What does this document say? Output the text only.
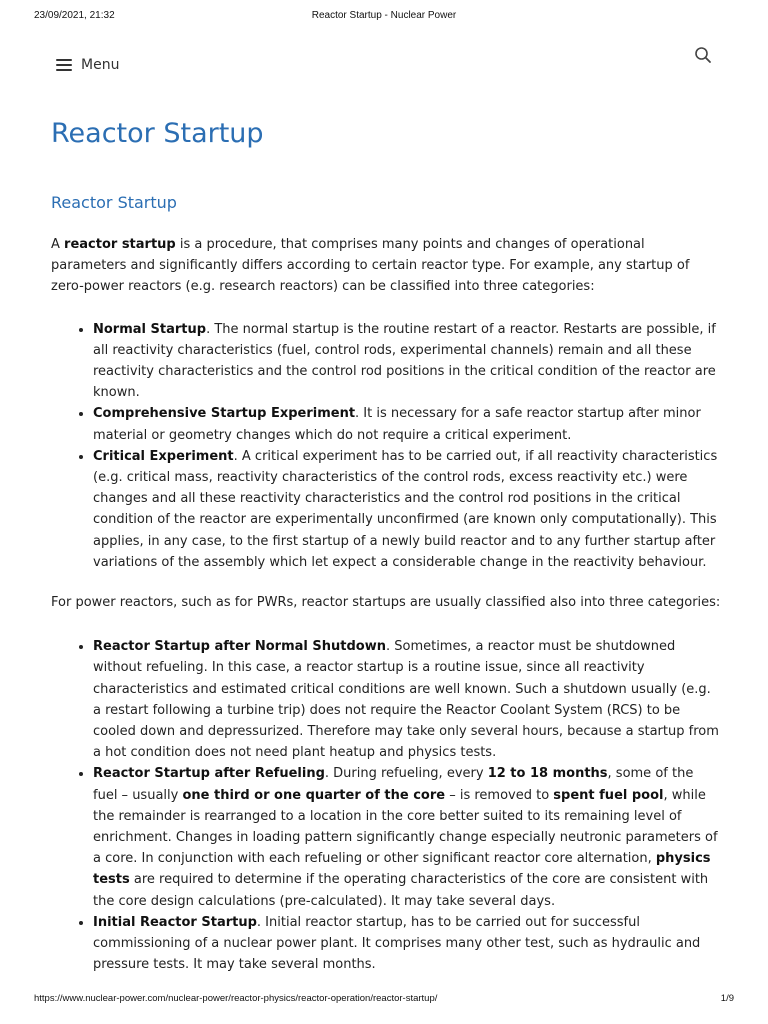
23/09/2021, 21:32	Reactor Startup - Nuclear Power
Menu
Reactor Startup
Reactor Startup

A reactor startup is a procedure, that comprises many points and changes of operational parameters and significantly differs according to certain reactor type. For example, any startup of zero-power reactors (e.g. research reactors) can be classified into three categories:

• Normal Startup. The normal startup is the routine restart of a reactor. Restarts are possible, if all reactivity characteristics (fuel, control rods, experimental channels) remain and all these reactivity characteristics and the control rod positions in the critical condition of the reactor are known.
• Comprehensive Startup Experiment. It is necessary for a safe reactor startup after minor material or geometry changes which do not require a critical experiment.
• Critical Experiment. A critical experiment has to be carried out, if all reactivity characteristics (e.g. critical mass, reactivity characteristics of the control rods, excess reactivity etc.) were changes and all these reactivity characteristics and the control rod positions in the critical condition of the reactor are experimentally unconfirmed (are known only computationally). This applies, in any case, to the first startup of a newly build reactor and to any further startup after variations of the assembly which let expect a considerable change in the reactivity behaviour.

For power reactors, such as for PWRs, reactor startups are usually classified also into three categories:

• Reactor Startup after Normal Shutdown. Sometimes, a reactor must be shutdowned without refueling. In this case, a reactor startup is a routine issue, since all reactivity characteristics and estimated critical conditions are well known. Such a shutdown usually (e.g. a restart following a turbine trip) does not require the Reactor Coolant System (RCS) to be cooled down and depressurized. Therefore may take only several hours, because a startup from a hot condition does not need plant heatup and physics tests.
• Reactor Startup after Refueling. During refueling, every 12 to 18 months, some of the fuel – usually one third or one quarter of the core – is removed to spent fuel pool, while the remainder is rearranged to a location in the core better suited to its remaining level of enrichment. Changes in loading pattern significantly change especially neutronic parameters of a core. In conjunction with each refueling or other significant reactor core alternation, physics tests are required to determine if the operating characteristics of the core are consistent with the core design calculations (pre-calculated). It may take several days.
• Initial Reactor Startup. Initial reactor startup, has to be carried out for successful commissioning of a nuclear power plant. It comprises many other test, such as hydraulic and pressure tests. It may take several months.
https://www.nuclear-power.com/nuclear-power/reactor-physics/reactor-operation/reactor-startup/	1/9
